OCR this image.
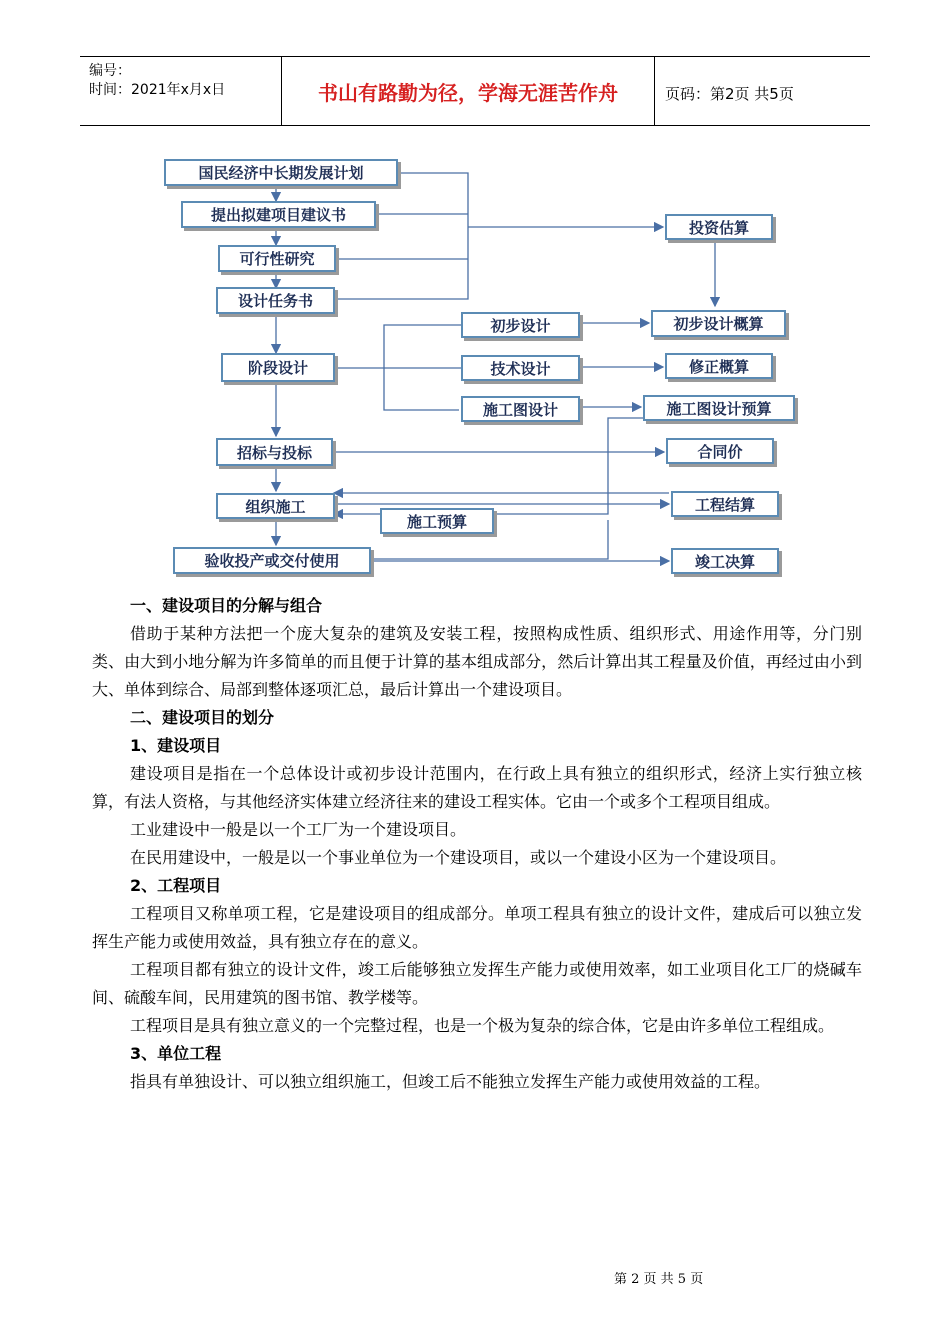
编号：
时间：2021年x月x日	书山有路勤为径，学海无涯苦作舟	页码：第2页 共5页
国民经济中长期发展计划
提出拟建项目建议书
可行性研究
设计任务书
阶段设计
招标与投标
组织施工
验收投产或交付使用
初步设计
技术设计
施工图设计
施工预算
投资估算
初步设计概算
修正概算
施工图设计预算
合同价
工程结算
竣工决算

一、建设项目的分解与组合

借助于某种方法把一个庞大复杂的建筑及安装工程，按照构成性质、组织形式、用途作用等，分门别类、由大到小地分解为许多简单的而且便于计算的基本组成部分，然后计算出其工程量及价值，再经过由小到大、单体到综合、局部到整体逐项汇总，最后计算出一个建设项目。

二、建设项目的划分

1、建设项目

建设项目是指在一个总体设计或初步设计范围内，在行政上具有独立的组织形式，经济上实行独立核算，有法人资格，与其他经济实体建立经济往来的建设工程实体。它由一个或多个工程项目组成。

工业建设中一般是以一个工厂为一个建设项目。

在民用建设中，一般是以一个事业单位为一个建设项目，或以一个建设小区为一个建设项目。

2、工程项目

工程项目又称单项工程，它是建设项目的组成部分。单项工程具有独立的设计文件，建成后可以独立发挥生产能力或使用效益，具有独立存在的意义。

工程项目都有独立的设计文件，竣工后能够独立发挥生产能力或使用效率，如工业项目化工厂的烧碱车间、硫酸车间，民用建筑的图书馆、教学楼等。

工程项目是具有独立意义的一个完整过程，也是一个极为复杂的综合体，它是由许多单位工程组成。

3、单位工程

指具有单独设计、可以独立组织施工，但竣工后不能独立发挥生产能力或使用效益的工程。

第 2 页 共 5 页
